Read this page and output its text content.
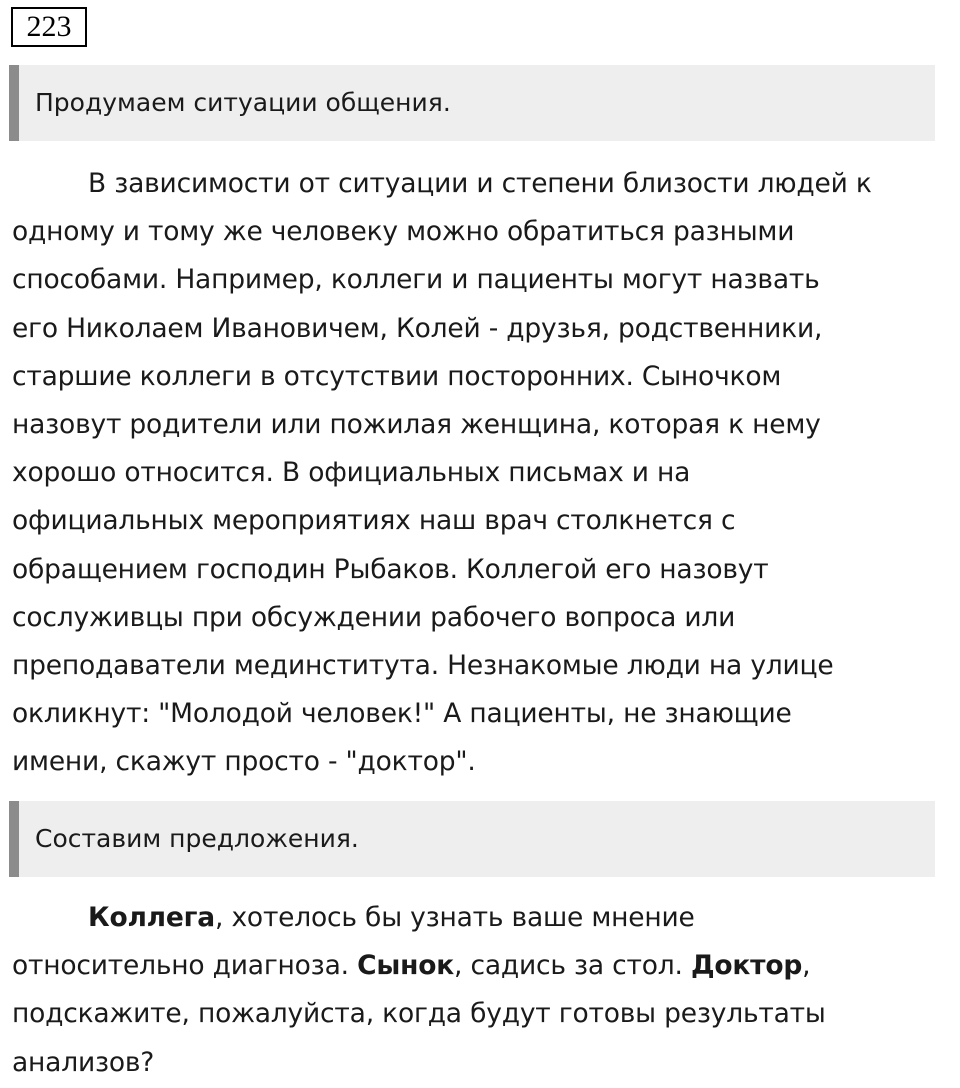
223
Продумаем ситуации общения.

В зависимости от ситуации и степени близости людей к
одному и тому же человеку можно обратиться разными
способами. Например, коллеги и пациенты могут назвать
его Николаем Ивановичем, Колей - друзья, родственники,
старшие коллеги в отсутствии посторонних. Сыночком
назовут родители или пожилая женщина, которая к нему
хорошо относится. В официальных письмах и на
официальных мероприятиях наш врач столкнется с
обращением господин Рыбаков. Коллегой его назовут
сослуживцы при обсуждении рабочего вопроса или
преподаватели мединститута. Незнакомые люди на улице
окликнут: "Молодой человек!" А пациенты, не знающие
имени, скажут просто - "доктор".

Составим предложения.

Коллега, хотелось бы узнать ваше мнение
относительно диагноза. Сынок, садись за стол. Доктор,
подскажите, пожалуйста, когда будут готовы результаты
анализов?
